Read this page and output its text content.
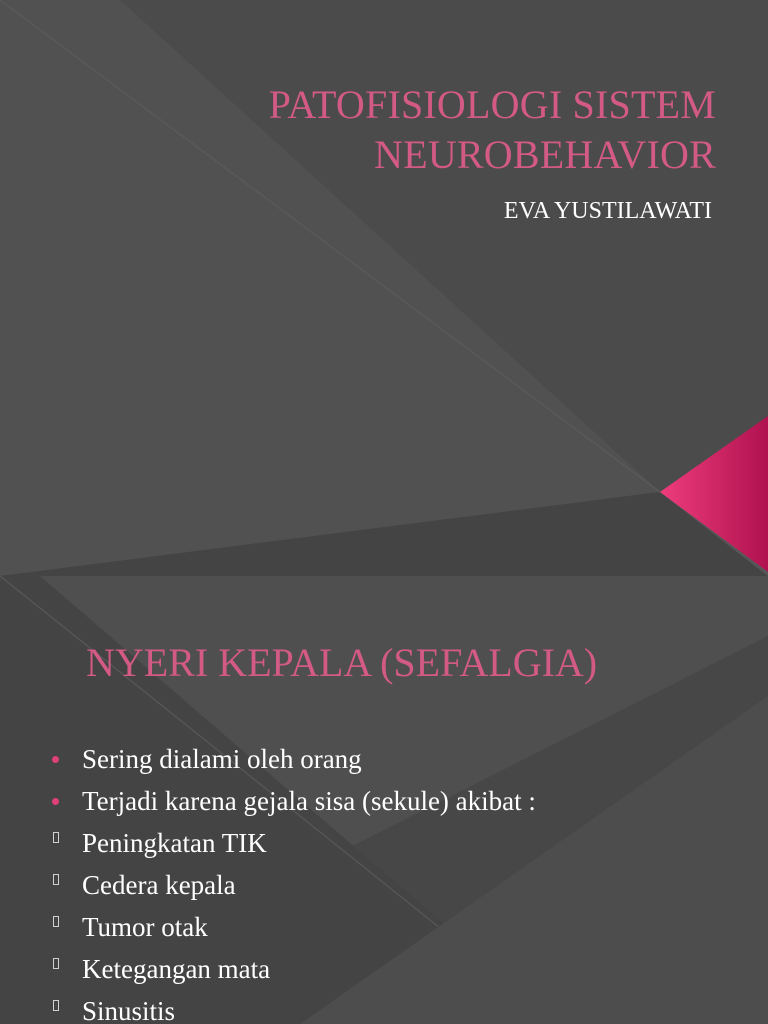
PATOFISIOLOGI SISTEM
NEUROBEHAVIOR

EVA YUSTILAWATI

NYERI KEPALA (SEFALGIA)
Sering dialami oleh orang
Terjadi karena gejala sisa (sekule) akibat :
Peningkatan TIK
Cedera kepala
Tumor otak
Ketegangan mata
Sinusitis
